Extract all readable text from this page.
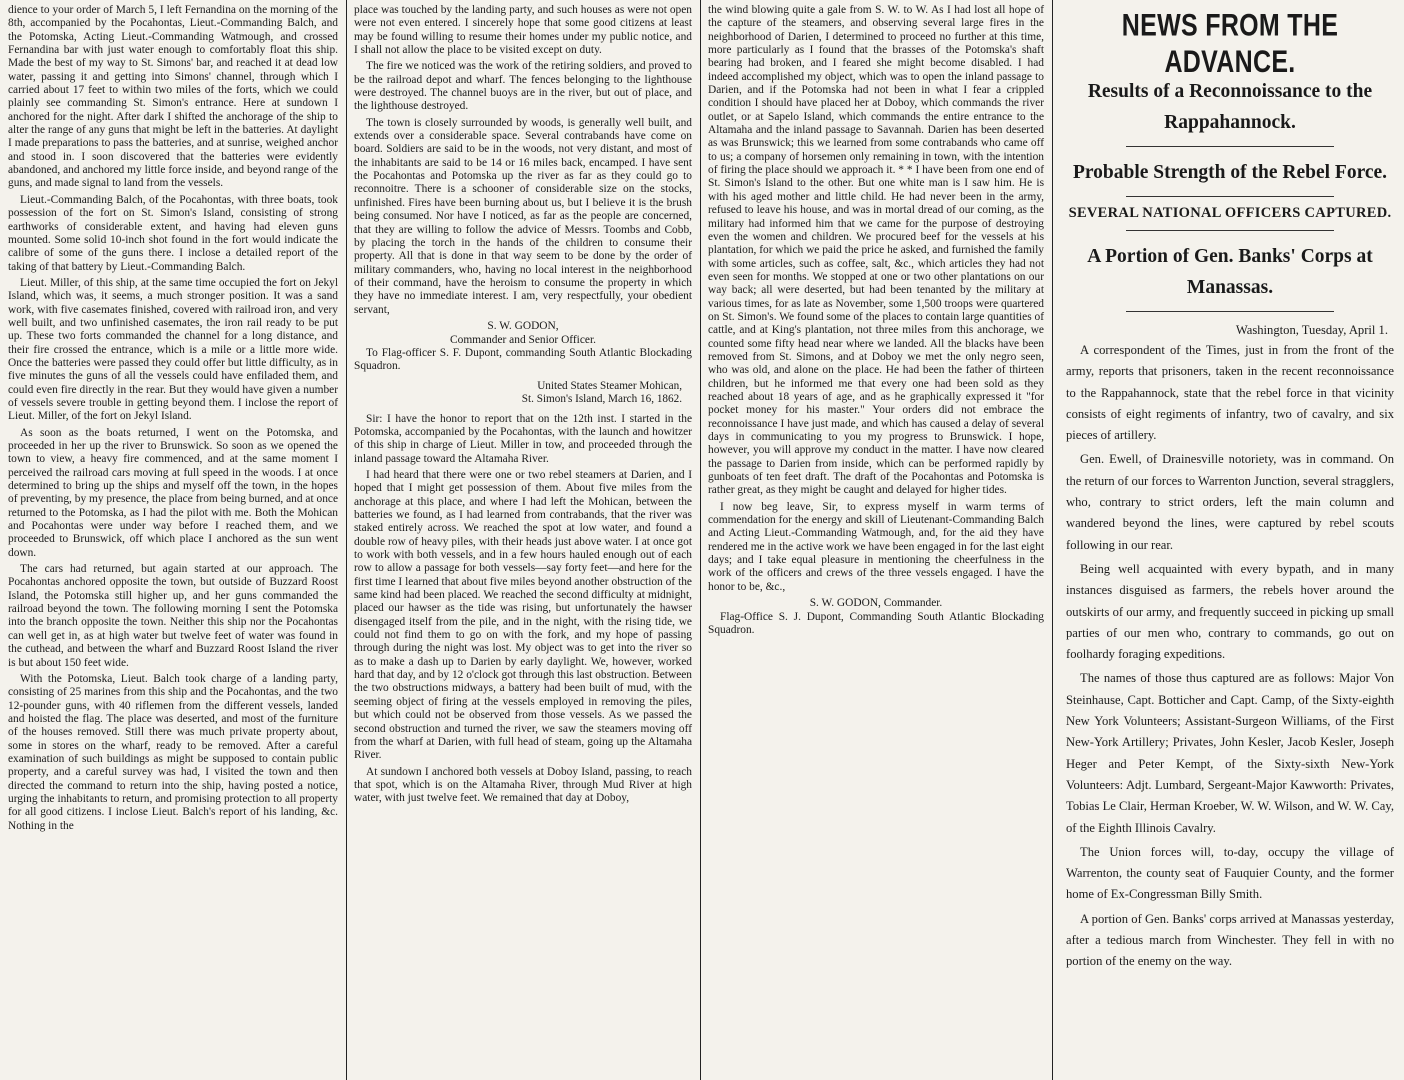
dience to your order of March 5, I left Fernandina on the morning of the 8th, accompanied by the Pocahontas, Lieut.-Commanding Balch, and the Potomska, Acting Lieut.-Commanding Watmough, and crossed Fernandina bar with just water enough to comfortably float this ship. Made the best of my way to St. Simons' bar, and reached it at dead low water, passing it and getting into Simons' channel, through which I carried about 17 feet to within two miles of the forts, which we could plainly see commanding St. Simon's entrance. Here at sundown I anchored for the night. After dark I shifted the anchorage of the ship to alter the range of any guns that might be left in the batteries. At daylight I made preparations to pass the batteries, and at sunrise, weighed anchor and stood in. I soon discovered that the batteries were evidently abandoned, and anchored my little force inside, and beyond range of the guns, and made signal to land from the vessels.

Lieut.-Commanding Balch, of the Pocahontas, with three boats, took possession of the fort on St. Simon's Island, consisting of strong earthworks of considerable extent, and having had eleven guns mounted. Some solid 10-inch shot found in the fort would indicate the calibre of some of the guns there. I inclose a detailed report of the taking of that battery by Lieut.-Commanding Balch.

Lieut. Miller, of this ship, at the same time occupied the fort on Jekyl Island, which was, it seems, a much stronger position. It was a sand work, with five casemates finished, covered with railroad iron, and very well built, and two unfinished casemates, the iron rail ready to be put up. These two forts commanded the channel for a long distance, and their fire crossed the entrance, which is a mile or a little more wide. Once the batteries were passed they could offer but little difficulty, as in five minutes the guns of all the vessels could have enfiladed them, and could even fire directly in the rear. But they would have given a number of vessels severe trouble in getting beyond them. I inclose the report of Lieut. Miller, of the fort on Jekyl Island.

As soon as the boats returned, I went on the Potomska, and proceeded in her up the river to Brunswick. So soon as we opened the town to view, a heavy fire commenced, and at the same moment I perceived the railroad cars moving at full speed in the woods. I at once determined to bring up the ships and myself off the town, in the hopes of preventing, by my presence, the place from being burned, and at once returned to the Potomska, as I had the pilot with me. Both the Mohican and Pocahontas were under way before I reached them, and we proceeded to Brunswick, off which place I anchored as the sun went down.

The cars had returned, but again started at our approach. The Pocahontas anchored opposite the town, but outside of Buzzard Roost Island, the Potomska still higher up, and her guns commanded the railroad beyond the town. The following morning I sent the Potomska into the branch opposite the town. Neither this ship nor the Pocahontas can well get in, as at high water but twelve feet of water was found in the cuthead, and between the wharf and Buzzard Roost Island the river is but about 150 feet wide.

With the Potomska, Lieut. Balch took charge of a landing party, consisting of 25 marines from this ship and the Pocahontas, and the two 12-pounder guns, with 40 riflemen from the different vessels, landed and hoisted the flag. The place was deserted, and most of the furniture of the houses removed. Still there was much private property about, some in stores on the wharf, ready to be removed. After a careful examination of such buildings as might be supposed to contain public property, and a careful survey was had, I visited the town and then directed the command to return into the ship, having posted a notice, urging the inhabitants to return, and promising protection to all property for all good citizens. I inclose Lieut. Balch's report of his landing, &c. Nothing in the

place was touched by the landing party, and such houses as were not open were not even entered. I sincerely hope that some good citizens at least may be found willing to resume their homes under my public notice, and I shall not allow the place to be visited except on duty.

The fire we noticed was the work of the retiring soldiers, and proved to be the railroad depot and wharf. The fences belonging to the lighthouse were destroyed. The channel buoys are in the river, but out of place, and the lighthouse destroyed.

The town is closely surrounded by woods, is generally well built, and extends over a considerable space. Several contrabands have come on board. Soldiers are said to be in the woods, not very distant, and most of the inhabitants are said to be 14 or 16 miles back, encamped. I have sent the Pocahontas and Potomska up the river as far as they could go to reconnoitre. There is a schooner of considerable size on the stocks, unfinished. Fires have been burning about us, but I believe it is the brush being consumed. Nor have I noticed, as far as the people are concerned, that they are willing to follow the advice of Messrs. Toombs and Cobb, by placing the torch in the hands of the children to consume their property. All that is done in that way seem to be done by the order of military commanders, who, having no local interest in the neighborhood of their command, have the heroism to consume the property in which they have no immediate interest. I am, very respectfully, your obedient servant,

S. W. GODON,
Commander and Senior Officer.

To Flag-officer S. F. Dupont, commanding South Atlantic Blockading Squadron.

United States Steamer Mohican,
St. Simon's Island, March 16, 1862.

Sir: I have the honor to report that on the 12th inst. I started in the Potomska, accompanied by the Pocahontas, with the launch and howitzer of this ship in charge of Lieut. Miller in tow, and proceeded through the inland passage toward the Altamaha River.

I had heard that there were one or two rebel steamers at Darien, and I hoped that I might get possession of them. About five miles from the anchorage at this place, and where I had left the Mohican, between the batteries we found, as I had learned from contrabands, that the river was staked entirely across. We reached the spot at low water, and found a double row of heavy piles, with their heads just above water. I at once got to work with both vessels, and in a few hours hauled enough out of each row to allow a passage for both vessels—say forty feet—and here for the first time I learned that about five miles beyond another obstruction of the same kind had been placed. We reached the second difficulty at midnight, placed our hawser as the tide was rising, but unfortunately the hawser disengaged itself from the pile, and in the night, with the rising tide, we could not find them to go on with the fork, and my hope of passing through during the night was lost. My object was to get into the river so as to make a dash up to Darien by early daylight. We, however, worked hard that day, and by 12 o'clock got through this last obstruction. Between the two obstructions midways, a battery had been built of mud, with the seeming object of firing at the vessels employed in removing the piles, but which could not be observed from those vessels. As we passed the second obstruction and turned the river, we saw the steamers moving off from the wharf at Darien, with full head of steam, going up the Altamaha River.

At sundown I anchored both vessels at Doboy Island, passing, to reach that spot, which is on the Altamaha River, through Mud River at high water, with just twelve feet. We remained that day at Doboy,

the wind blowing quite a gale from S. W. to W. As I had lost all hope of the capture of the steamers, and observing several large fires in the neighborhood of Darien, I determined to proceed no further at this time, more particularly as I found that the brasses of the Potomska's shaft bearing had broken, and I feared she might become disabled. I had indeed accomplished my object, which was to open the inland passage to Darien, and if the Potomska had not been in what I fear a crippled condition I should have placed her at Doboy, which commands the river outlet, or at Sapelo Island, which commands the entire entrance to the Altamaha and the inland passage to Savannah. Darien has been deserted as was Brunswick; this we learned from some contrabands who came off to us; a company of horsemen only remaining in town, with the intention of firing the place should we approach it. * * I have been from one end of St. Simon's Island to the other. But one white man is I saw him. He is with his aged mother and little child. He had never been in the army, refused to leave his house, and was in mortal dread of our coming, as the military had informed him that we came for the purpose of destroying even the women and children. We procured beef for the vessels at his plantation, for which we paid the price he asked, and furnished the family with some articles, such as coffee, salt, &c., which articles they had not even seen for months. We stopped at one or two other plantations on our way back; all were deserted, but had been tenanted by the military at various times, for as late as November, some 1,500 troops were quartered on St. Simon's. We found some of the places to contain large quantities of cattle, and at King's plantation, not three miles from this anchorage, we counted some fifty head near where we landed. All the blacks have been removed from St. Simons, and at Doboy we met the only negro seen, who was old, and alone on the place. He had been the father of thirteen children, but he informed me that every one had been sold as they reached about 18 years of age, and as he graphically expressed it "for pocket money for his master." Your orders did not embrace the reconnoissance I have just made, and which has caused a delay of several days in communicating to you my progress to Brunswick. I hope, however, you will approve my conduct in the matter. I have now cleared the passage to Darien from inside, which can be performed rapidly by gunboats of ten feet draft. The draft of the Pocahontas and Potomska is rather great, as they might be caught and delayed for higher tides.

I now beg leave, Sir, to express myself in warm terms of commendation for the energy and skill of Lieutenant-Commanding Balch and Acting Lieut.-Commanding Watmough, and, for the aid they have rendered me in the active work we have been engaged in for the last eight days; and I take equal pleasure in mentioning the cheerfulness in the work of the officers and crews of the three vessels engaged. I have the honor to be, &c.,

S. W. GODON, Commander.

Flag-Office S. J. Dupont, Commanding South Atlantic Blockading Squadron.

NEWS FROM THE ADVANCE.
Results of a Reconnoissance to the Rappahannock.
Probable Strength of the Rebel Force.
SEVERAL NATIONAL OFFICERS CAPTURED.
A Portion of Gen. Banks' Corps at Manassas.
Washington, Tuesday, April 1.

A correspondent of the Times, just in from the front of the army, reports that prisoners, taken in the recent reconnoissance to the Rappahannock, state that the rebel force in that vicinity consists of eight regiments of infantry, two of cavalry, and six pieces of artillery.

Gen. Ewell, of Drainesville notoriety, was in command. On the return of our forces to Warrenton Junction, several stragglers, who, contrary to strict orders, left the main column and wandered beyond the lines, were captured by rebel scouts following in our rear.

Being well acquainted with every bypath, and in many instances disguised as farmers, the rebels hover around the outskirts of our army, and frequently succeed in picking up small parties of our men who, contrary to commands, go out on foolhardy foraging expeditions.

The names of those thus captured are as follows: Major Von Steinhause, Capt. Botticher and Capt. Camp, of the Sixty-eighth New York Volunteers; Assistant-Surgeon Williams, of the First New-York Artillery; Privates, John Kesler, Jacob Kesler, Joseph Heger and Peter Kempt, of the Sixty-sixth New-York Volunteers: Adjt. Lumbard, Sergeant-Major Kawworth: Privates, Tobias Le Clair, Herman Kroeber, W. W. Wilson, and W. W. Cay, of the Eighth Illinois Cavalry.

The Union forces will, to-day, occupy the village of Warrenton, the county seat of Fauquier County, and the former home of Ex-Congressman Billy Smith.

A portion of Gen. Banks' corps arrived at Manassas yesterday, after a tedious march from Winchester. They fell in with no portion of the enemy on the way.
